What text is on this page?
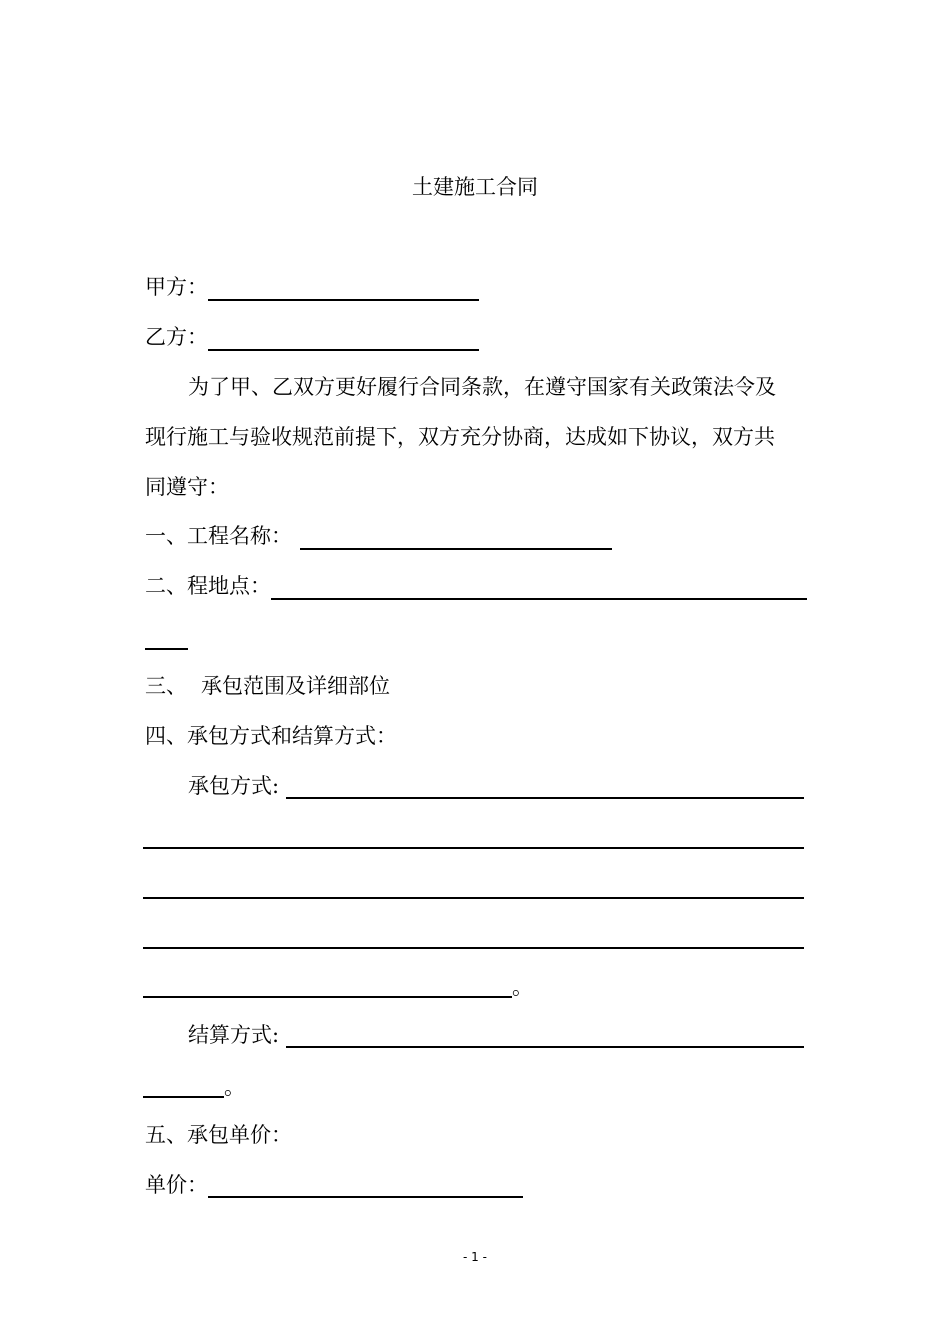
土建施工合同
甲方：
乙方：
为了甲、乙双方更好履行合同条款，在遵守国家有关政策法令及
现行施工与验收规范前提下，双方充分协商，达成如下协议，双方共
同遵守：
一、工程名称：
二、程地点：
三、 承包范围及详细部位
四、承包方式和结算方式：
承包方式:
。
结算方式:
。
五、承包单价：
单价：
- 1 -
